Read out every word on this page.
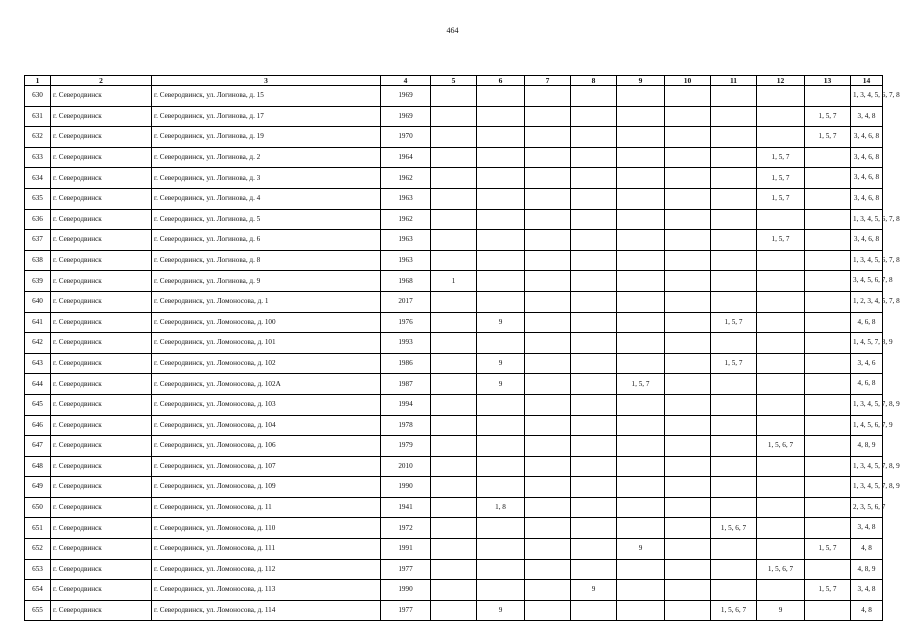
464
1	2	3	4	5	6	7	8	9	10	11	12	13	14
630	г. Северодвинск	г. Северодвинск, ул. Логинова, д. 15	1969										1, 3, 4, 5, 6, 7, 8
631	г. Северодвинск	г. Северодвинск, ул. Логинова, д. 17	1969									1, 5, 7	3, 4, 8
632	г. Северодвинск	г. Северодвинск, ул. Логинова, д. 19	1970									1, 5, 7	3, 4, 6, 8
633	г. Северодвинск	г. Северодвинск, ул. Логинова, д. 2	1964								1, 5, 7		3, 4, 6, 8
634	г. Северодвинск	г. Северодвинск, ул. Логинова, д. 3	1962								1, 5, 7		3, 4, 6, 8
635	г. Северодвинск	г. Северодвинск, ул. Логинова, д. 4	1963								1, 5, 7		3, 4, 6, 8
636	г. Северодвинск	г. Северодвинск, ул. Логинова, д. 5	1962										1, 3, 4, 5, 6, 7, 8
637	г. Северодвинск	г. Северодвинск, ул. Логинова, д. 6	1963								1, 5, 7		3, 4, 6, 8
638	г. Северодвинск	г. Северодвинск, ул. Логинова, д. 8	1963										1, 3, 4, 5, 6, 7, 8
639	г. Северодвинск	г. Северодвинск, ул. Логинова, д. 9	1968	1									3, 4, 5, 6, 7, 8
640	г. Северодвинск	г. Северодвинск, ул. Ломоносова, д. 1	2017										1, 2, 3, 4, 5, 7, 8
641	г. Северодвинск	г. Северодвинск, ул. Ломоносова, д. 100	1976		9					1, 5, 7			4, 6, 8
642	г. Северодвинск	г. Северодвинск, ул. Ломоносова, д. 101	1993										1, 4, 5, 7, 8, 9
643	г. Северодвинск	г. Северодвинск, ул. Ломоносова, д. 102	1986		9					1, 5, 7			3, 4, 6
644	г. Северодвинск	г. Северодвинск, ул. Ломоносова, д. 102А	1987		9			1, 5, 7					4, 6, 8
645	г. Северодвинск	г. Северодвинск, ул. Ломоносова, д. 103	1994										1, 3, 4, 5, 7, 8, 9
646	г. Северодвинск	г. Северодвинск, ул. Ломоносова, д. 104	1978										1, 4, 5, 6, 7, 9
647	г. Северодвинск	г. Северодвинск, ул. Ломоносова, д. 106	1979								1, 5, 6, 7		4, 8, 9
648	г. Северодвинск	г. Северодвинск, ул. Ломоносова, д. 107	2010										1, 3, 4, 5, 7, 8, 9
649	г. Северодвинск	г. Северодвинск, ул. Ломоносова, д. 109	1990										1, 3, 4, 5, 7, 8, 9
650	г. Северодвинск	г. Северодвинск, ул. Ломоносова, д. 11	1941		1, 8								2, 3, 5, 6, 7
651	г. Северодвинск	г. Северодвинск, ул. Ломоносова, д. 110	1972							1, 5, 6, 7			3, 4, 8
652	г. Северодвинск	г. Северодвинск, ул. Ломоносова, д. 111	1991					9				1, 5, 7	4, 8
653	г. Северодвинск	г. Северодвинск, ул. Ломоносова, д. 112	1977								1, 5, 6, 7		4, 8, 9
654	г. Северодвинск	г. Северодвинск, ул. Ломоносова, д. 113	1990				9					1, 5, 7	3, 4, 8
655	г. Северодвинск	г. Северодвинск, ул. Ломоносова, д. 114	1977		9					1, 5, 6, 7	9		4, 8
